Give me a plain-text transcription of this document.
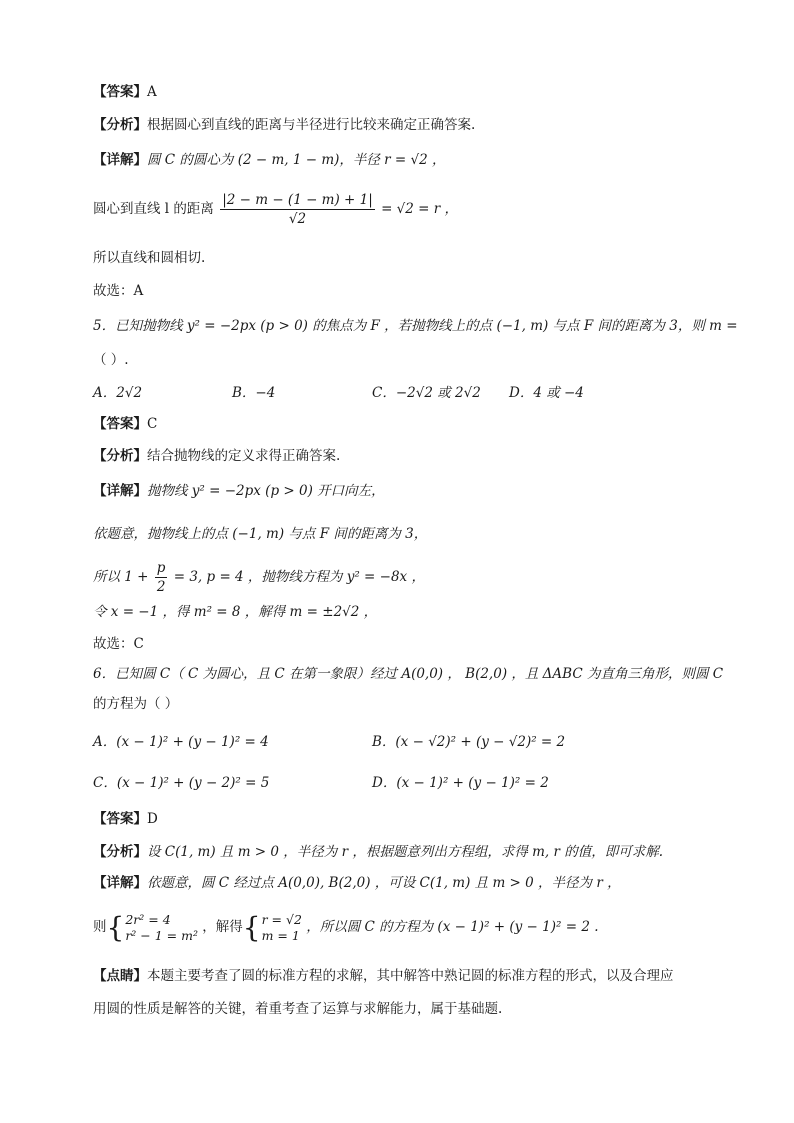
【答案】A
【分析】根据圆心到直线的距离与半径进行比较来确定正确答案.
【详解】圆 C 的圆心为 (2 − m, 1 − m)，半径 r = √2 ，
圆心到直线 l 的距离 $\frac{|2 - m - (1 - m) + 1|}{√2} = √2 = r$ ，
所以直线和圆相切.
故选：A
5．已知抛物线 y² = −2px (p > 0) 的焦点为 F ，若抛物线上的点 (−1, m) 与点 F 间的距离为 3，则 m =
（ ）.
A．2√2	B．−4	C．−2√2 或 2√2 D．4 或 −4
【答案】C
【分析】结合抛物线的定义求得正确答案.
【详解】抛物线 y² = −2px (p > 0) 开口向左，
依题意，抛物线上的点 (−1, m) 与点 F 间的距离为 3，
所以 $1 + \frac{p}{2} = 3$, p = 4 ，抛物线方程为 y² = −8x ，
令 x = −1 ，得 m² = 8 ，解得 m = ±2√2 ，
故选：C
6．已知圆 C（ C 为圆心，且 C 在第一象限）经过 A(0,0) ， B(2,0) ，且 ΔABC 为直角三角形，则圆 C
的方程为（ ）
A．(x − 1)² + (y − 1)² = 4	B．(x − √2)² + (y − √2)² = 2
C．(x − 1)² + (y − 2)² = 5	D．(x − 1)² + (y − 1)² = 2
【答案】D
【分析】设 C(1, m) 且 m > 0 ，半径为 r ，根据题意列出方程组，求得 m, r 的值，即可求解.
【详解】依题意，圆 C 经过点 A(0,0), B(2,0) ，可设 C(1, m) 且 m > 0 ，半径为 r ，
则{ 2r² = 4
r² − 1 = m² ，解得{ r = √2
m = 1 ，所以圆 C 的方程为 (x − 1)² + (y − 1)² = 2 .
【点睛】本题主要考查了圆的标准方程的求解，其中解答中熟记圆的标准方程的形式，以及合理应
用圆的性质是解答的关键，着重考查了运算与求解能力，属于基础题.
